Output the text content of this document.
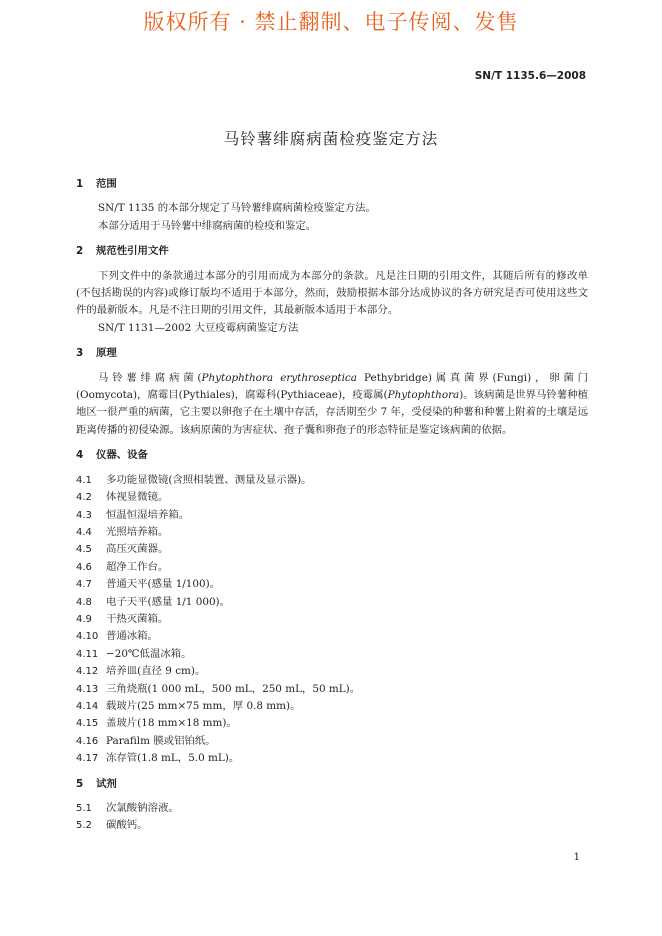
版权所有 · 禁止翻制、电子传阅、发售
SN/T 1135.6—2008
马铃薯绯腐病菌检疫鉴定方法
1 范围
SN/T 1135 的本部分规定了马铃薯绯腐病菌检疫鉴定方法。
本部分适用于马铃薯中绯腐病菌的检疫和鉴定。
2 规范性引用文件
下列文件中的条款通过本部分的引用而成为本部分的条款。凡是注日期的引用文件，其随后所有的修改单(不包括勘误的内容)或修订版均不适用于本部分，然而，鼓励根据本部分达成协议的各方研究是否可使用这些文件的最新版本。凡是不注日期的引用文件，其最新版本适用于本部分。
SN/T 1131—2002 大豆疫霉病菌鉴定方法
3 原理
马铃薯绯腐病菌(Phytophthora erythroseptica Pethybridge)属真菌界(Fungi)，卵菌门(Oomycota)，腐霉目(Pythiales)，腐霉科(Pythiaceae)，疫霉属(Phytophthora)。该病菌是世界马铃薯种植地区一很严重的病菌，它主要以卵孢子在土壤中存活，存活期至少 7 年，受侵染的种薯和种薯上附着的土壤是远距离传播的初侵染源。该病原菌的为害症状、孢子囊和卵孢子的形态特征是鉴定该病菌的依据。
4 仪器、设备
4.1 多功能显微镜(含照相装置、测量及显示器)。
4.2 体视显微镜。
4.3 恒温恒湿培养箱。
4.4 光照培养箱。
4.5 高压灭菌器。
4.6 超净工作台。
4.7 普通天平(感量 1/100)。
4.8 电子天平(感量 1/1 000)。
4.9 干热灭菌箱。
4.10 普通冰箱。
4.11 −20℃低温冰箱。
4.12 培养皿(直径 9 cm)。
4.13 三角烧瓶(1 000 mL，500 mL，250 mL，50 mL)。
4.14 载玻片(25 mm×75 mm，厚 0.8 mm)。
4.15 盖玻片(18 mm×18 mm)。
4.16 Parafilm 膜或铝铂纸。
4.17 冻存管(1.8 mL，5.0 mL)。
5 试剂
5.1 次氯酸钠溶液。
5.2 碳酸钙。
1
